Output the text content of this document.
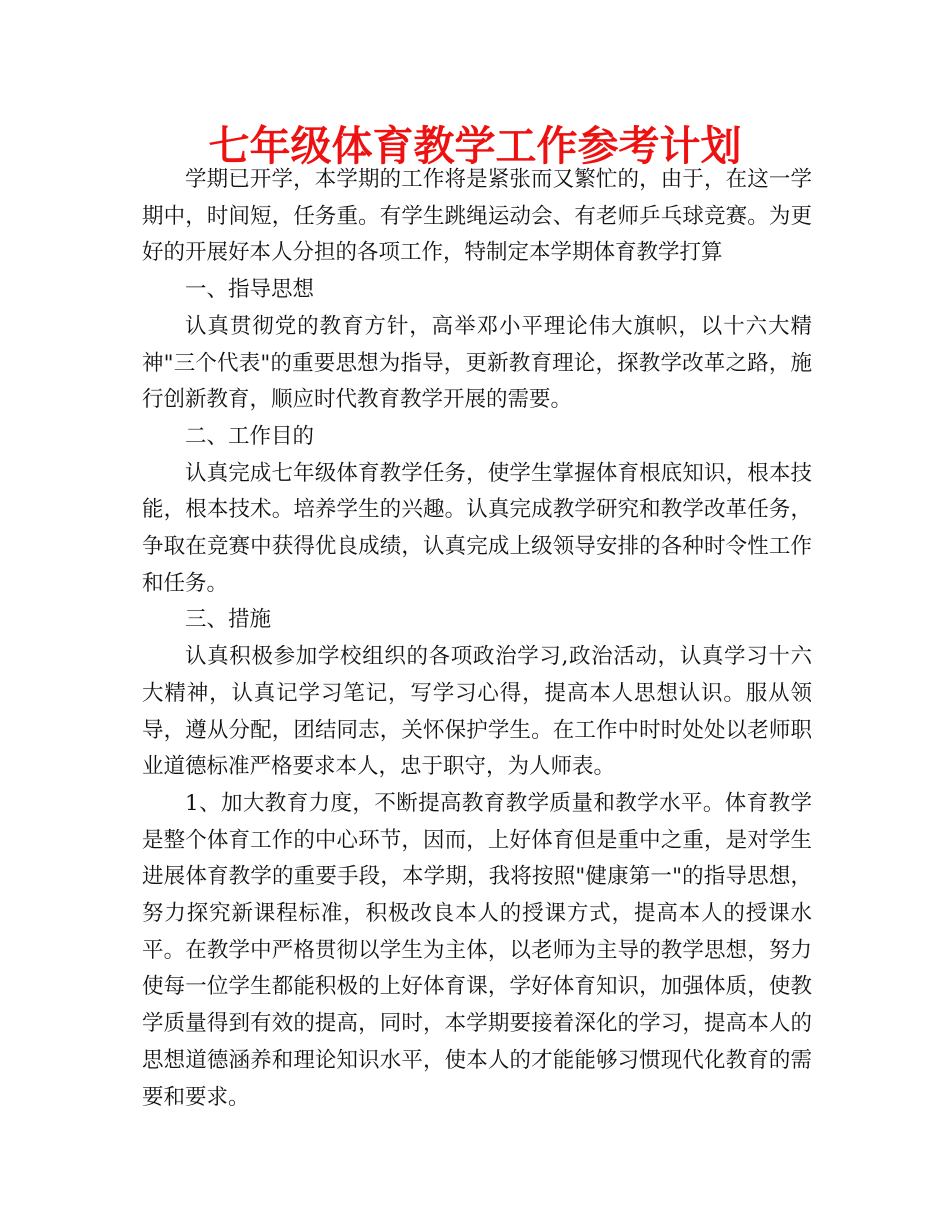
七年级体育教学工作参考计划

学期已开学，本学期的工作将是紧张而又繁忙的，由于，在这一学期中，时间短，任务重。有学生跳绳运动会、有老师乒乓球竞赛。为更好的开展好本人分担的各项工作，特制定本学期体育教学打算

一、指导思想

认真贯彻党的教育方针，高举邓小平理论伟大旗帜，以十六大精神"三个代表"的重要思想为指导，更新教育理论，探教学改革之路，施行创新教育，顺应时代教育教学开展的需要。

二、工作目的

认真完成七年级体育教学任务，使学生掌握体育根底知识，根本技能，根本技术。培养学生的兴趣。认真完成教学研究和教学改革任务，争取在竞赛中获得优良成绩，认真完成上级领导安排的各种时令性工作和任务。

三、措施

认真积极参加学校组织的各项政治学习,政治活动，认真学习十六大精神，认真记学习笔记，写学习心得，提高本人思想认识。服从领导，遵从分配，团结同志，关怀保护学生。在工作中时时处处以老师职业道德标准严格要求本人，忠于职守，为人师表。

1、加大教育力度，不断提高教育教学质量和教学水平。体育教学是整个体育工作的中心环节，因而，上好体育但是重中之重，是对学生进展体育教学的重要手段，本学期，我将按照"健康第一"的指导思想，努力探究新课程标准，积极改良本人的授课方式，提高本人的授课水平。在教学中严格贯彻以学生为主体，以老师为主导的教学思想，努力使每一位学生都能积极的上好体育课，学好体育知识，加强体质，使教学质量得到有效的提高，同时，本学期要接着深化的学习，提高本人的思想道德涵养和理论知识水平，使本人的才能能够习惯现代化教育的需要和要求。
